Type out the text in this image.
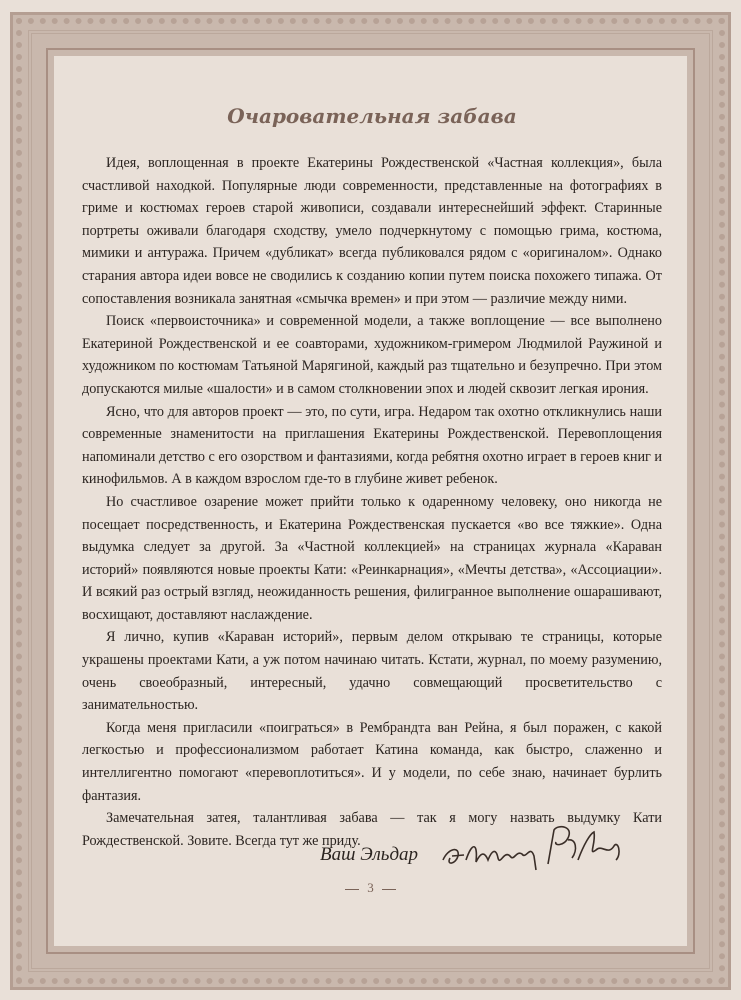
Очаровательная забава

Идея, воплощенная в проекте Екатерины Рождественской «Частная коллекция», была счастливой находкой. Популярные люди современности, представленные на фотографиях в гриме и костюмах героев старой живописи, создавали интереснейший эффект. Старинные портреты оживали благодаря сходству, умело подчеркнутому с помощью грима, костюма, мимики и антуража. Причем «дубликат» всегда публиковался рядом с «оригиналом». Однако старания автора идеи вовсе не сводились к созданию копии путем поиска похожего типажа. От сопоставления возникала занятная «смычка времен» и при этом — различие между ними.

Поиск «первоисточника» и современной модели, а также воплощение — все выполнено Екатериной Рождественской и ее соавторами, художником-гримером Людмилой Раужиной и художником по костюмам Татьяной Марягиной, каждый раз тщательно и безупречно. При этом допускаются милые «шалости» и в самом столкновении эпох и людей сквозит легкая ирония.

Ясно, что для авторов проект — это, по сути, игра. Недаром так охотно откликнулись наши современные знаменитости на приглашения Екатерины Рождественской. Перевоплощения напоминали детство с его озорством и фантазиями, когда ребятня охотно играет в героев книг и кинофильмов. А в каждом взрослом где-то в глубине живет ребенок.

Но счастливое озарение может прийти только к одаренному человеку, оно никогда не посещает посредственность, и Екатерина Рождественская пускается «во все тяжкие». Одна выдумка следует за другой. За «Частной коллекцией» на страницах журнала «Караван историй» появляются новые проекты Кати: «Реинкарнация», «Мечты детства», «Ассоциации». И всякий раз острый взгляд, неожиданность решения, филигранное выполнение ошарашивают, восхищают, доставляют наслаждение.

Я лично, купив «Караван историй», первым делом открываю те страницы, которые украшены проектами Кати, а уж потом начинаю читать. Кстати, журнал, по моему разумению, очень своеобразный, интересный, удачно совмещающий просветительство с занимательностью.

Когда меня пригласили «поиграться» в Рембрандта ван Рейна, я был поражен, с какой легкостью и профессионализмом работает Катина команда, как быстро, слаженно и интеллигентно помогают «перевоплотиться». И у модели, по себе знаю, начинает бурлить фантазия.

Замечательная затея, талантливая забава — так я могу назвать выдумку Кати Рождественской. Зовите. Всегда тут же приду.

Ваш Эльдар
3
